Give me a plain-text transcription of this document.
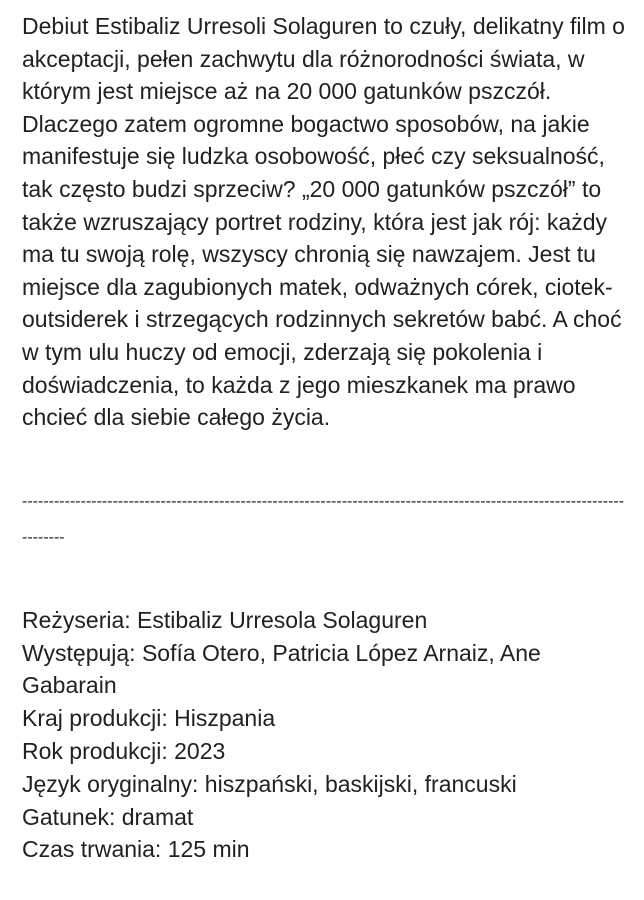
Debiut Estibaliz Urresoli Solaguren to czuły, delikatny film o akceptacji, pełen zachwytu dla różnorodności świata, w którym jest miejsce aż na 20 000 gatunków pszczół. Dlaczego zatem ogromne bogactwo sposobów, na jakie manifestuje się ludzka osobowość, płeć czy seksualność, tak często budzi sprzeciw? „20 000 gatunków pszczół” to także wzruszający portret rodziny, która jest jak rój: każdy ma tu swoją rolę, wszyscy chronią się nawzajem. Jest tu miejsce dla zagubionych matek, odważnych córek, ciotek-outsiderek i strzegących rodzinnych sekretów babć. A choć w tym ulu huczy od emocji, zderzają się pokolenia i doświadczenia, to każda z jego mieszkanek ma prawo chcieć dla siebie całego życia.

-------------------------------------------------------------------------------------------------------------------------

Reżyseria: Estibaliz Urresola Solaguren
Występują: Sofía Otero, Patricia López Arnaiz, Ane Gabarain
Kraj produkcji: Hiszpania
Rok produkcji: 2023
Język oryginalny: hiszpański, baskijski, francuski
Gatunek: dramat
Czas trwania: 125 min
